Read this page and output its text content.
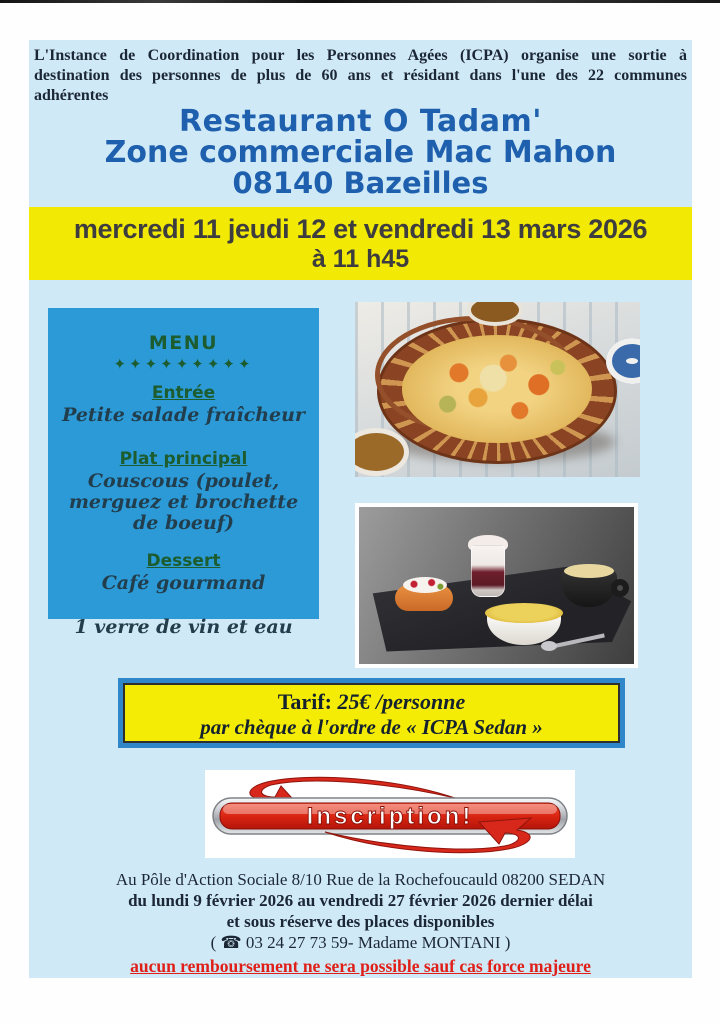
L'Instance de Coordination pour les Personnes Agées (ICPA) organise une sortie à destination des personnes de plus de 60 ans et résidant dans l'une des 22 communes adhérentes

Restaurant O Tadam'
Zone commerciale Mac Mahon
08140 Bazeilles
mercredi 11 jeudi 12 et vendredi 13 mars 2026
à 11 h45
MENU
✦✦✦✦✦✦✦✦✦
Entrée
Petite salade fraîcheur
Plat principal
Couscous (poulet, merguez et brochette de boeuf)
Dessert
Café gourmand
1 verre de vin et eau
Tarif: 25€ /personne
par chèque à l'ordre de « ICPA Sedan »
Inscription!
Au Pôle d'Action Sociale 8/10 Rue de la Rochefoucauld 08200 SEDAN
du lundi 9 février 2026 au vendredi 27 février 2026 dernier délai
et sous réserve des places disponibles
( ☎ 03 24 27 73 59- Madame MONTANI )
aucun remboursement ne sera possible sauf cas force majeure
